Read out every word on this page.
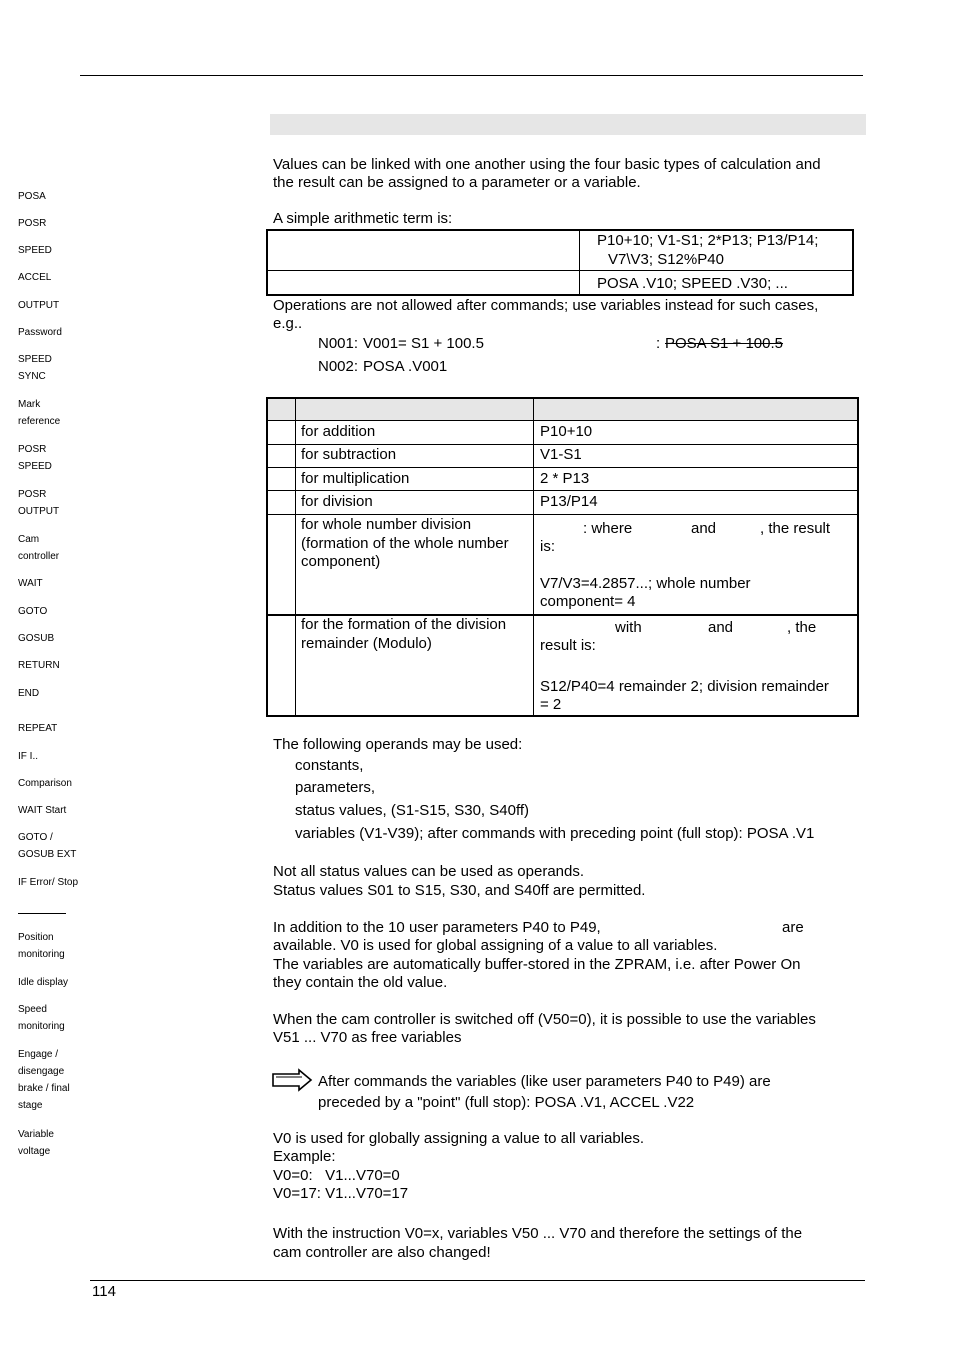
POSA
POSR
SPEED
ACCEL
OUTPUT
Password
SPEED
SYNC
Mark
reference
POSR
SPEED
POSR
OUTPUT
Cam
controller
WAIT
GOTO
GOSUB
RETURN
END
REPEAT
IF I..
Comparison
WAIT Start
GOTO /
GOSUB EXT
IF Error/ Stop
Position
monitoring
Idle display
Speed
monitoring
Engage /
disengage
brake / final
stage
Variable
voltage
Values can be linked with one another using the four basic types of calculation and
the result can be assigned to a parameter or a variable.
A simple arithmetic term is:
P10+10; V1-S1; 2*P13; P13/P14;
V7\V3; S12%P40
POSA .V10; SPEED .V30; ...
Operations are not allowed after commands; use variables instead for such cases,
e.g..
N001: V001= S1 + 100.5	: POSA S1 + 100.5
N002: POSA .V001
for addition	P10+10
for subtraction	V1-S1
for multiplication	2 * P13
for division	P13/P14
for whole number division
(formation of the whole number
component)
: where	and	, the result
is:
V7/V3=4.2857...; whole number
component= 4
for the formation of the division
remainder (Modulo)
with	and	, the
result is:
S12/P40=4 remainder 2; division remainder
= 2
The following operands may be used:
constants,
parameters,
status values, (S1-S15, S30, S40ff)
variables (V1-V39); after commands with preceding point (full stop): POSA .V1
Not all status values can be used as operands.
Status values S01 to S15, S30, and S40ff are permitted.
In addition to the 10 user parameters P40 to P49,	are
available. V0 is used for global assigning of a value to all variables.
The variables are automatically buffer-stored in the ZPRAM, i.e. after Power On
they contain the old value.
When the cam controller is switched off (V50=0), it is possible to use the variables
V51 ... V70 as free variables
After commands the variables (like user parameters P40 to P49) are
preceded by a "point" (full stop): POSA .V1, ACCEL .V22
V0 is used for globally assigning a value to all variables.
Example:
V0=0:   V1...V70=0
V0=17: V1...V70=17
With the instruction V0=x, variables V50 ... V70 and therefore the settings of the
cam controller are also changed!
114
